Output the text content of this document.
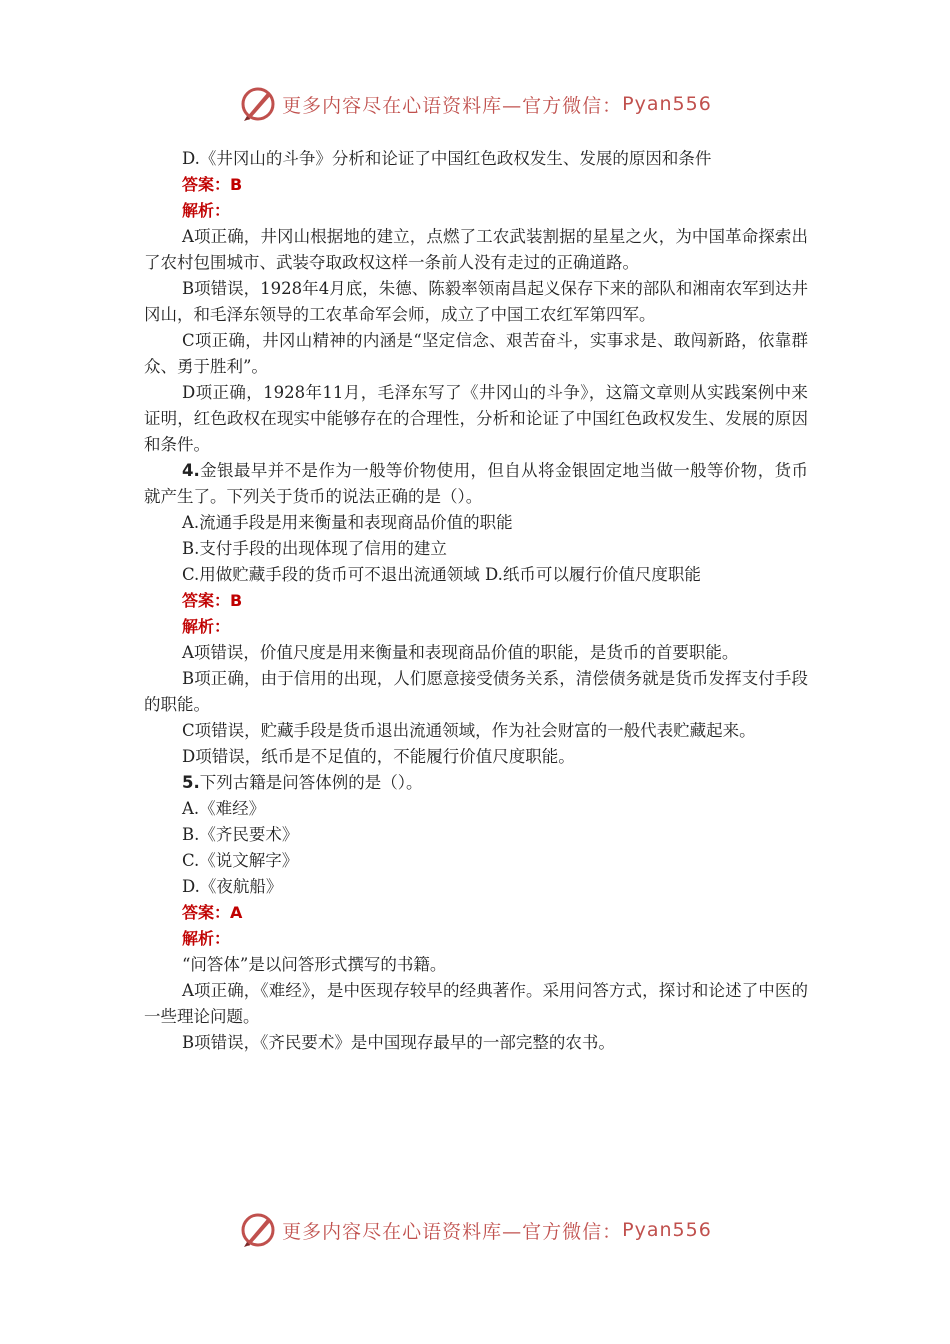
更多内容尽在心语资料库—官方微信： Pyan556

D.《井冈山的斗争》分析和论证了中国红色政权发生、发展的原因和条件

答案：B

解析：

A项正确，井冈山根据地的建立，点燃了工农武装割据的星星之火，为中国革命探索出了农村包围城市、武装夺取政权这样一条前人没有走过的正确道路。

B项错误，1928年4月底，朱德、陈毅率领南昌起义保存下来的部队和湘南农军到达井冈山，和毛泽东领导的工农革命军会师，成立了中国工农红军第四军。

C项正确，井冈山精神的内涵是“坚定信念、艰苦奋斗，实事求是、敢闯新路，依靠群众、勇于胜利”。

D项正确，1928年11月，毛泽东写了《井冈山的斗争》，这篇文章则从实践案例中来证明，红色政权在现实中能够存在的合理性，分析和论证了中国红色政权发生、发展的原因和条件。

4.金银最早并不是作为一般等价物使用，但自从将金银固定地当做一般等价物，货币就产生了。下列关于货币的说法正确的是（）。

A.流通手段是用来衡量和表现商品价值的职能

B.支付手段的出现体现了信用的建立

C.用做贮藏手段的货币可不退出流通领域 D.纸币可以履行价值尺度职能

答案：B

解析：

A项错误，价值尺度是用来衡量和表现商品价值的职能，是货币的首要职能。

B项正确，由于信用的出现，人们愿意接受债务关系，清偿债务就是货币发挥支付手段的职能。

C项错误，贮藏手段是货币退出流通领域，作为社会财富的一般代表贮藏起来。

D项错误，纸币是不足值的，不能履行价值尺度职能。

5.下列古籍是问答体例的是（）。

A.《难经》

B.《齐民要术》

C.《说文解字》

D.《夜航船》

答案：A

解析：

“问答体”是以问答形式撰写的书籍。

A项正确，《难经》，是中医现存较早的经典著作。采用问答方式，探讨和论述了中医的一些理论问题。

B项错误，《齐民要术》是中国现存最早的一部完整的农书。

更多内容尽在心语资料库—官方微信： Pyan556
